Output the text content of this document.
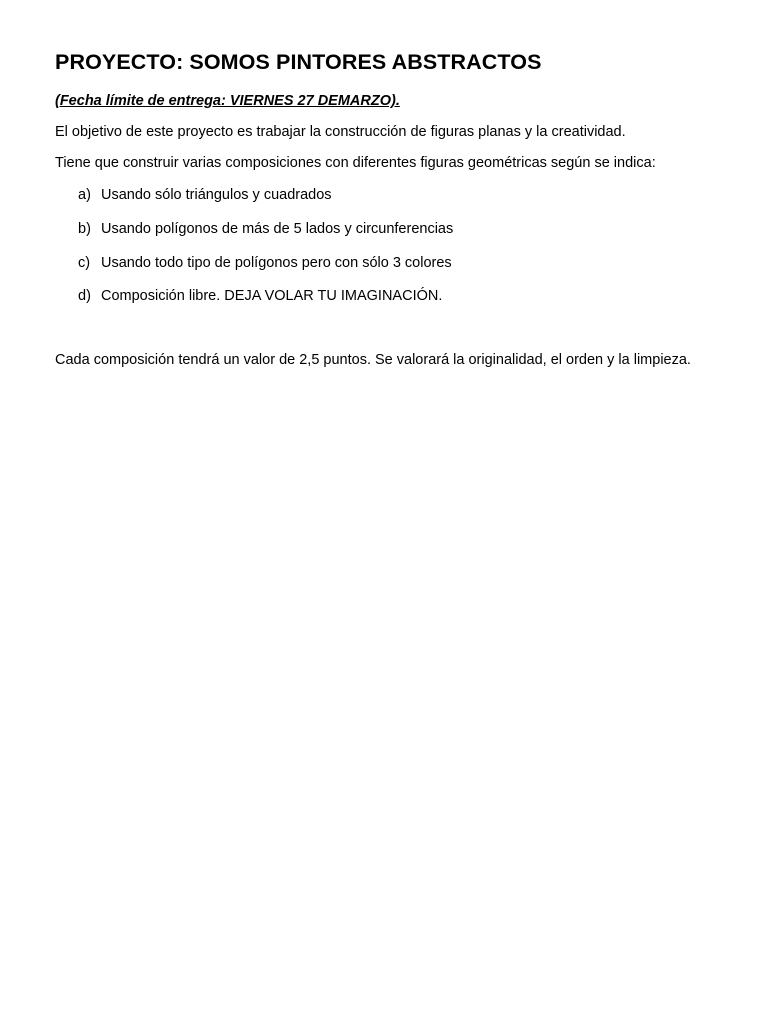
PROYECTO: SOMOS PINTORES ABSTRACTOS

(Fecha límite de entrega: VIERNES 27 DEMARZO).

El objetivo de este proyecto es trabajar la construcción de figuras planas y la creatividad.

Tiene que construir varias composiciones con diferentes figuras geométricas según se indica:

a) Usando sólo triángulos y cuadrados
b) Usando polígonos de más de 5 lados y circunferencias
c) Usando todo tipo de polígonos pero con sólo 3 colores
d) Composición libre. DEJA VOLAR TU IMAGINACIÓN.

Cada composición tendrá un valor de 2,5 puntos. Se valorará la originalidad, el orden y la limpieza.
